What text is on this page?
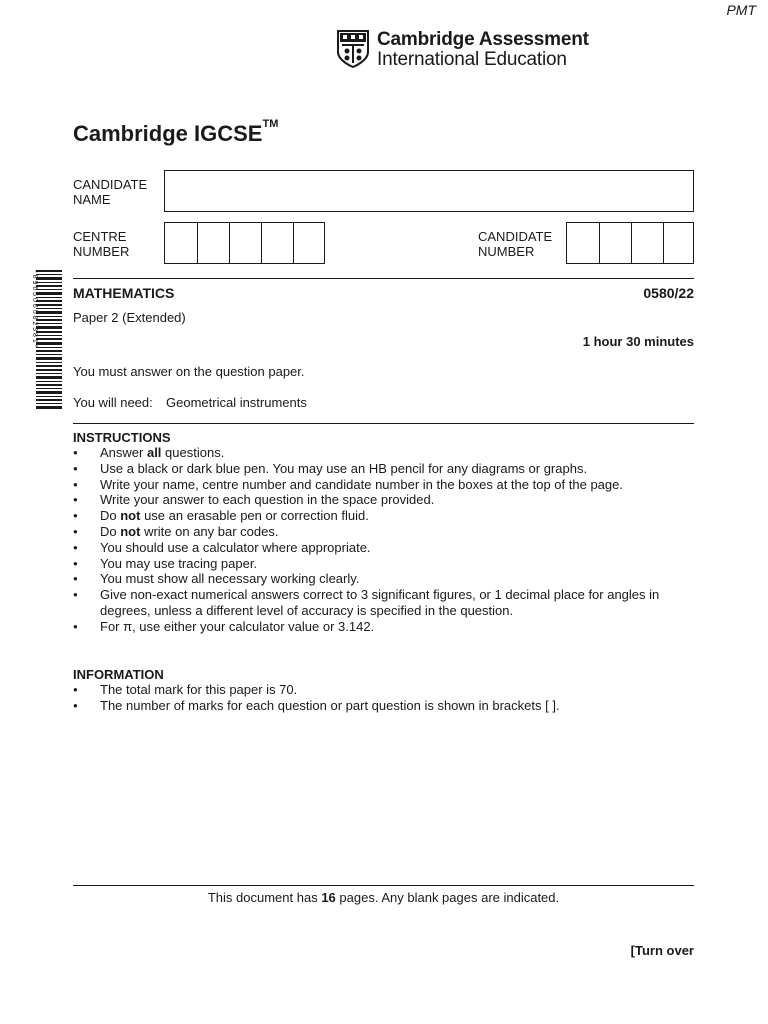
PMT
Cambridge Assessment
International Education
Cambridge IGCSE™
CANDIDATE NAME
CENTRE NUMBER
CANDIDATE NUMBER
* 8 9 6 5 0 6 0 8 2 3 8 1 *	MATHEMATICS	0580/22
Paper 2 (Extended)
1 hour 30 minutes
You must answer on the question paper.
You will need: Geometrical instruments
INSTRUCTIONS
● Answer all questions.
● Use a black or dark blue pen. You may use an HB pencil for any diagrams or graphs.
● Write your name, centre number and candidate number in the boxes at the top of the page.
● Write your answer to each question in the space provided.
● Do not use an erasable pen or correction fluid.
● Do not write on any bar codes.
● You should use a calculator where appropriate.
● You may use tracing paper.
● You must show all necessary working clearly.
● Give non-exact numerical answers correct to 3 significant figures, or 1 decimal place for angles in degrees, unless a different level of accuracy is specified in the question.
● For π, use either your calculator value or 3.142.
INFORMATION
● The total mark for this paper is 70.
● The number of marks for each question or part question is shown in brackets [ ].
This document has 16 pages. Any blank pages are indicated.
[Turn over
